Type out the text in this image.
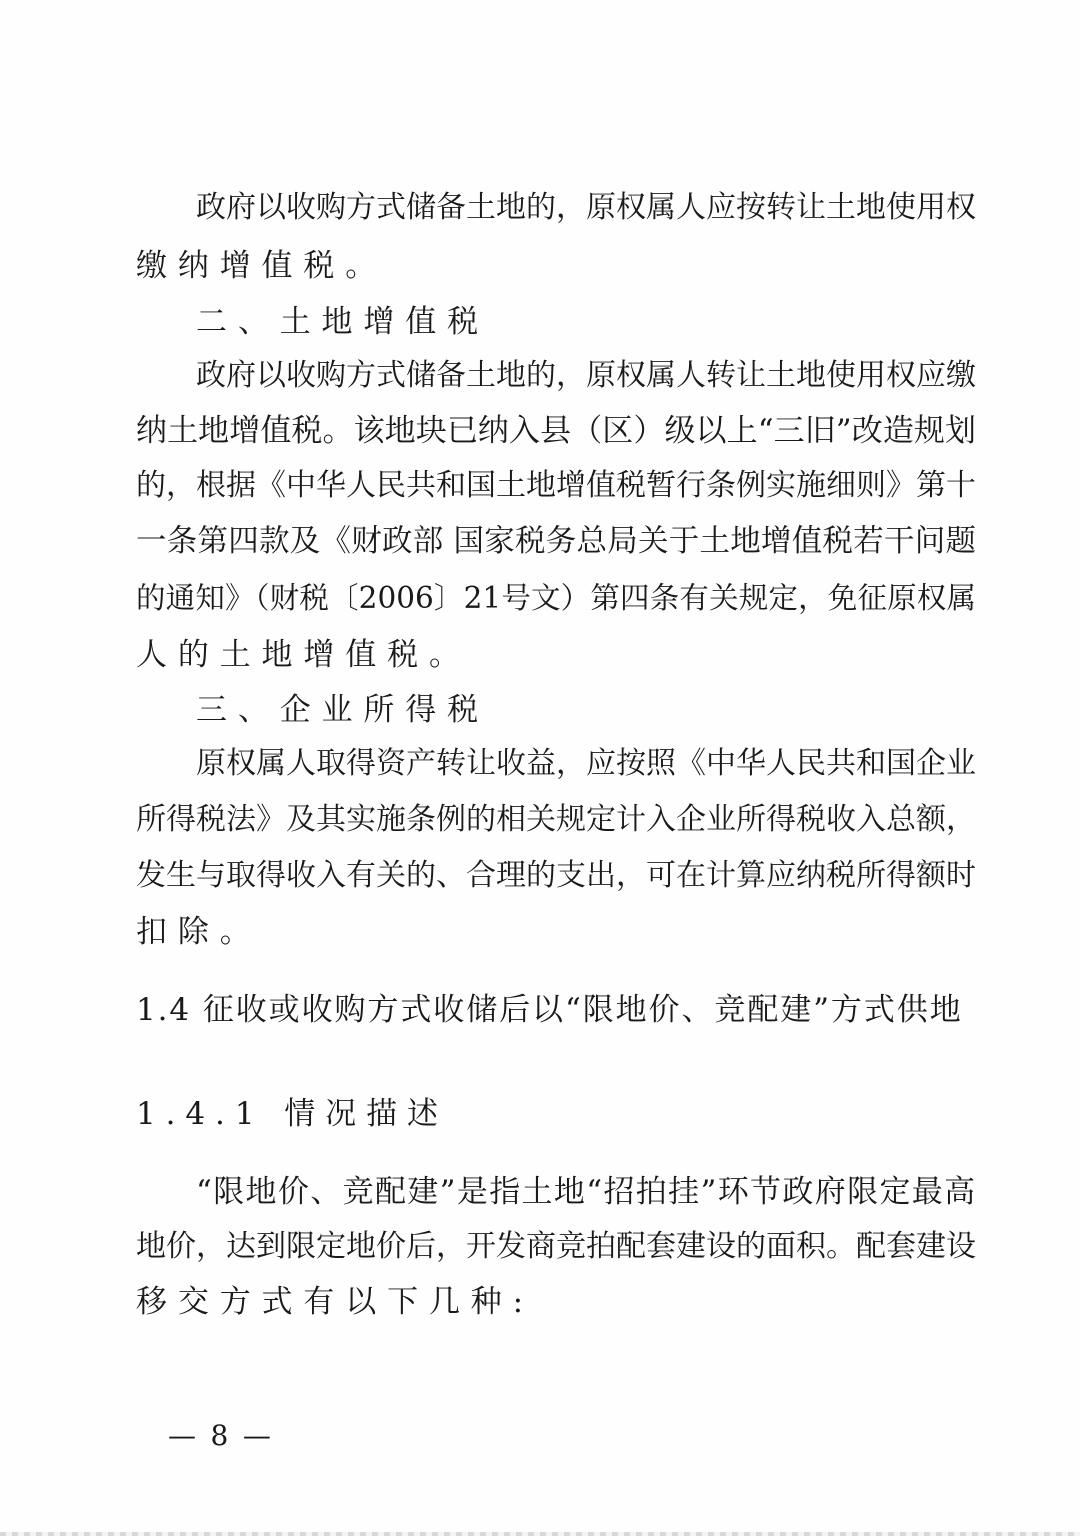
政府以收购方式储备土地的，原权属人应按转让土地使用权
缴纳增值税。
二、土地增值税
政府以收购方式储备土地的，原权属人转让土地使用权应缴
纳土地增值税。该地块已纳入县（区）级以上“三旧”改造规划
的，根据《中华人民共和国土地增值税暂行条例实施细则》第十
一条第四款及《财政部 国家税务总局关于土地增值税若干问题
的通知》（财税〔2006〕21号文）第四条有关规定，免征原权属
人的土地增值税。
三、企业所得税
原权属人取得资产转让收益，应按照《中华人民共和国企业
所得税法》及其实施条例的相关规定计入企业所得税收入总额，
发生与取得收入有关的、合理的支出，可在计算应纳税所得额时
扣除。
1.4 征收或收购方式收储后以“限地价、竞配建”方式供地
1.4.1 情况描述
“限地价、竞配建”是指土地“招拍挂”环节政府限定最高
地价，达到限定地价后，开发商竞拍配套建设的面积。配套建设
移交方式有以下几种:
— 8 —
